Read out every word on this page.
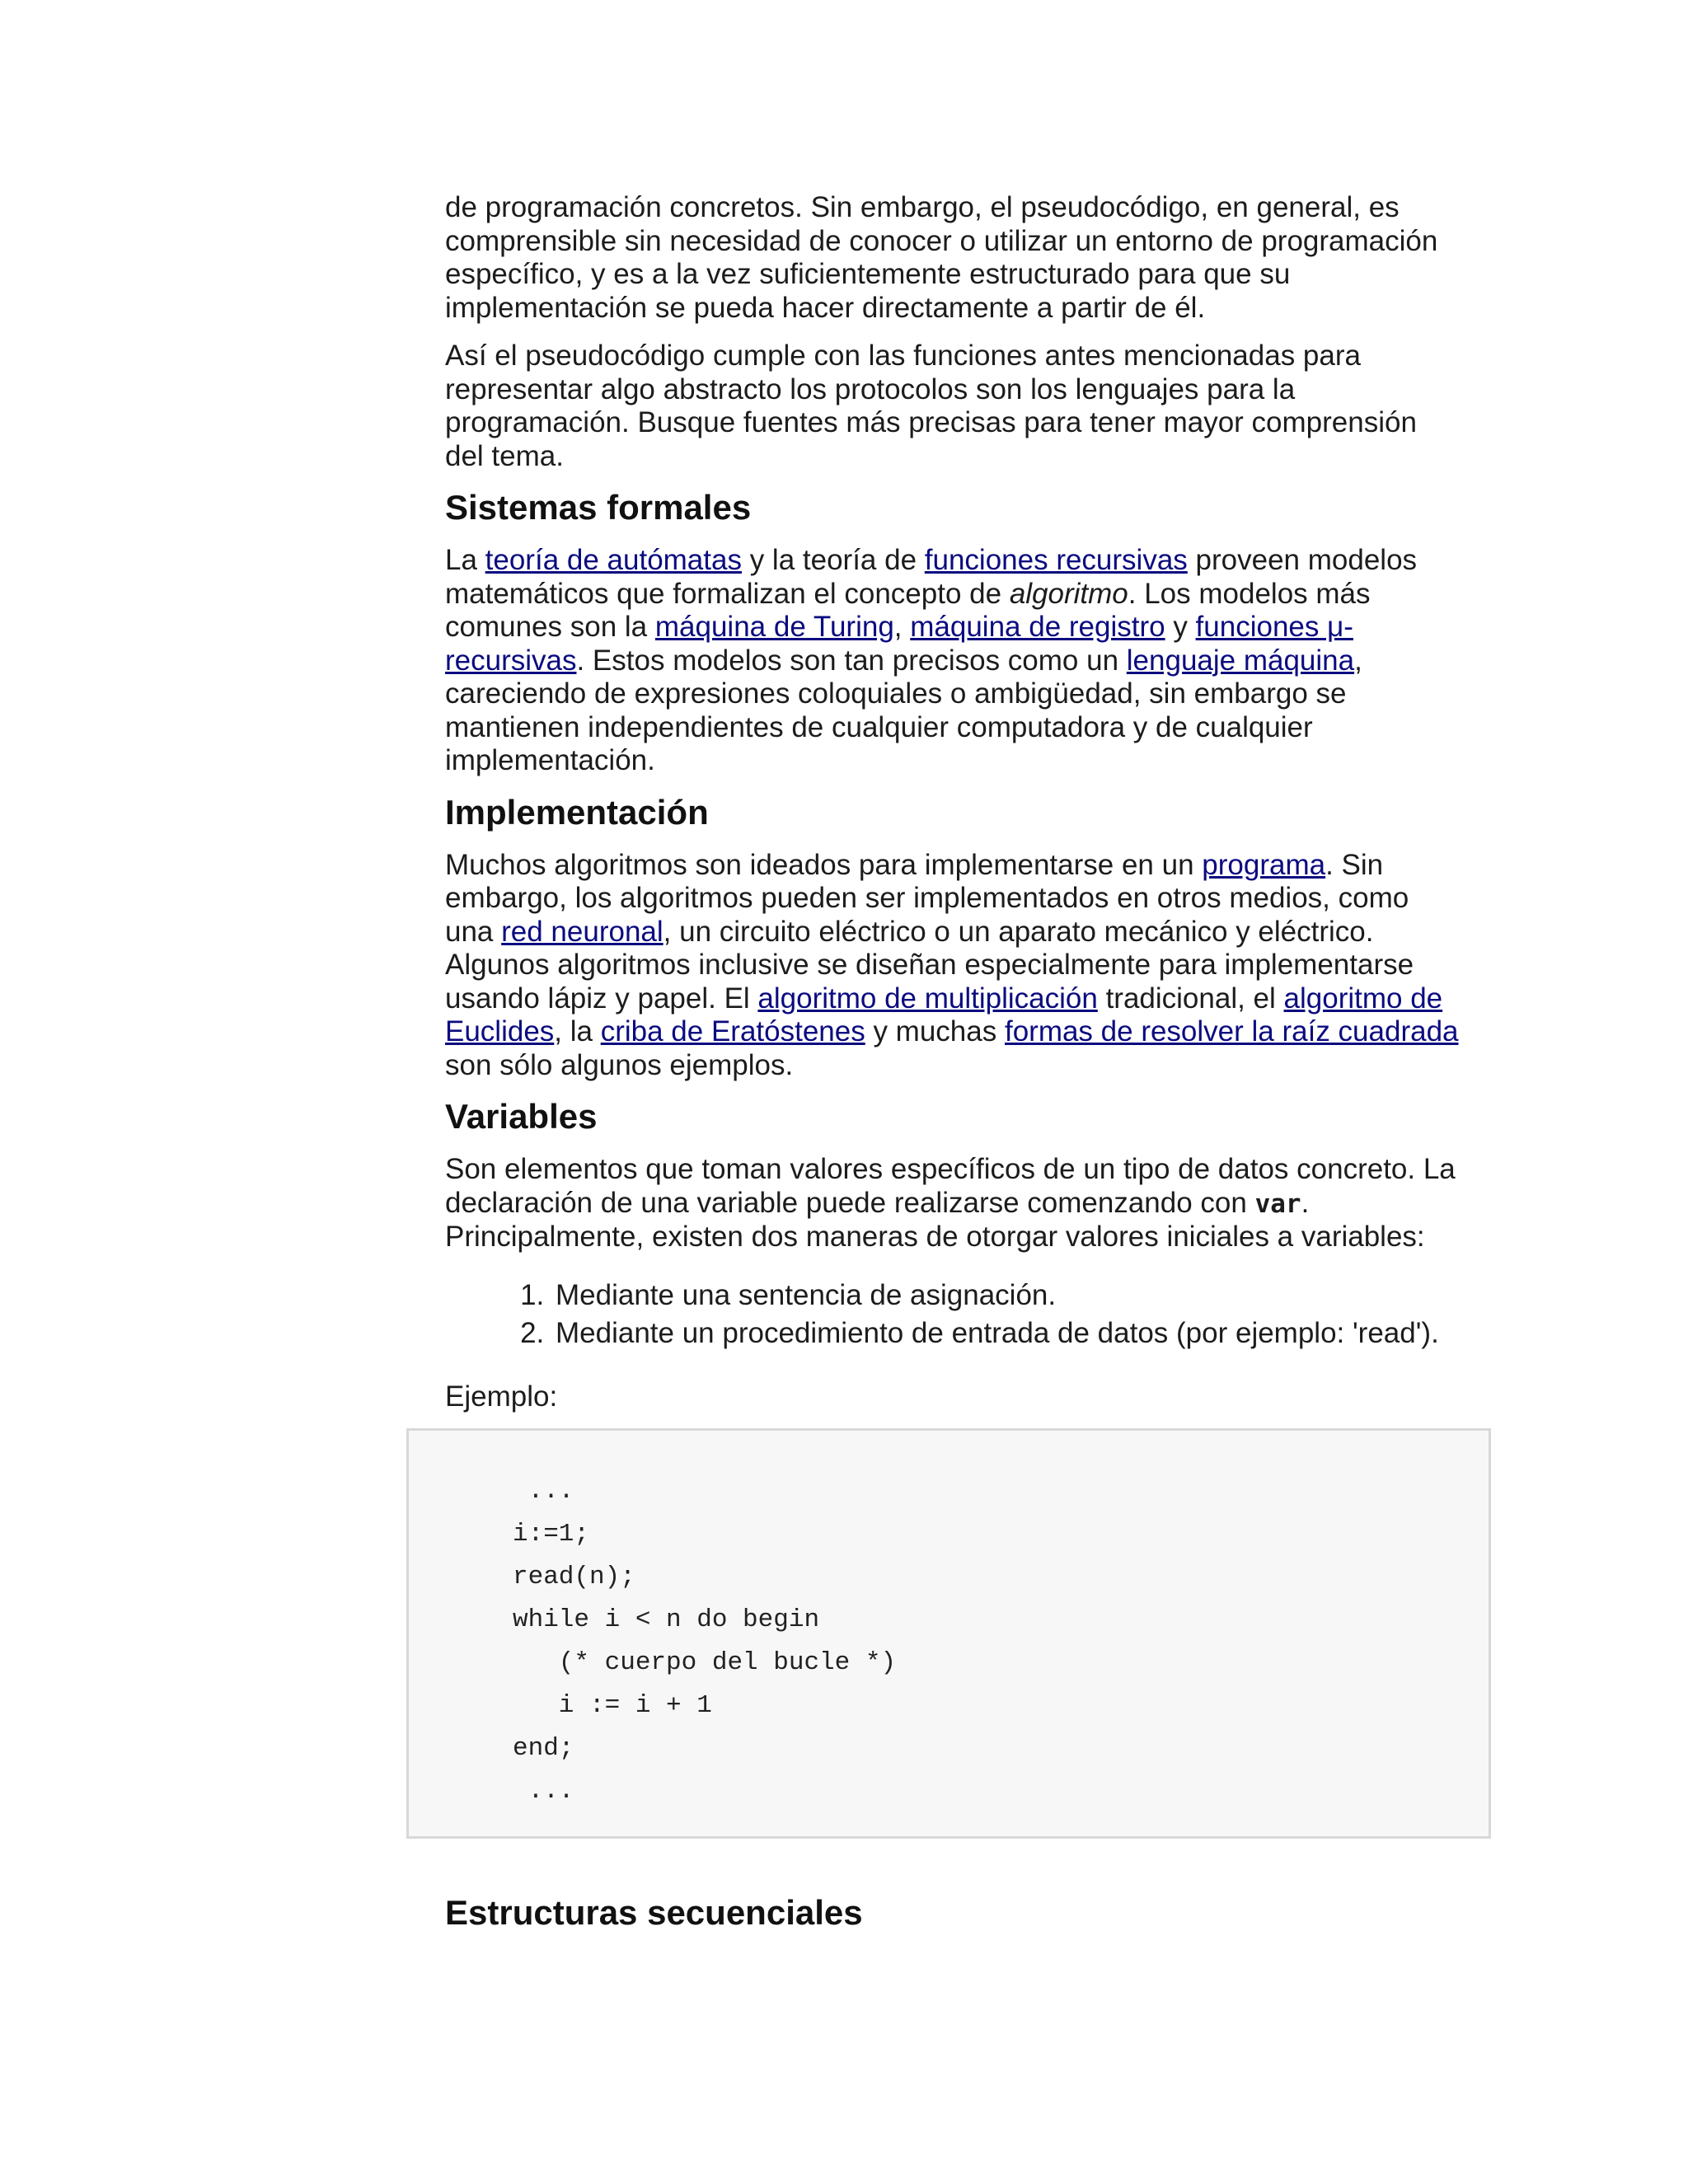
de programación concretos. Sin embargo, el pseudocódigo, en general, es comprensible sin necesidad de conocer o utilizar un entorno de programación específico, y es a la vez suficientemente estructurado para que su implementación se pueda hacer directamente a partir de él.

Así el pseudocódigo cumple con las funciones antes mencionadas para representar algo abstracto los protocolos son los lenguajes para la programación. Busque fuentes más precisas para tener mayor comprensión del tema.

Sistemas formales

La teoría de autómatas y la teoría de funciones recursivas proveen modelos matemáticos que formalizan el concepto de algoritmo. Los modelos más comunes son la máquina de Turing, máquina de registro y funciones μ-recursivas. Estos modelos son tan precisos como un lenguaje máquina, careciendo de expresiones coloquiales o ambigüedad, sin embargo se mantienen independientes de cualquier computadora y de cualquier implementación.

Implementación

Muchos algoritmos son ideados para implementarse en un programa. Sin embargo, los algoritmos pueden ser implementados en otros medios, como una red neuronal, un circuito eléctrico o un aparato mecánico y eléctrico. Algunos algoritmos inclusive se diseñan especialmente para implementarse usando lápiz y papel. El algoritmo de multiplicación tradicional, el algoritmo de Euclides, la criba de Eratóstenes y muchas formas de resolver la raíz cuadrada son sólo algunos ejemplos.

Variables

Son elementos que toman valores específicos de un tipo de datos concreto. La declaración de una variable puede realizarse comenzando con var. Principalmente, existen dos maneras de otorgar valores iniciales a variables:

1. Mediante una sentencia de asignación.
2. Mediante un procedimiento de entrada de datos (por ejemplo: 'read').

Ejemplo:

...
i:=1;
read(n);
while i < n do begin
(* cuerpo del bucle *)
i := i + 1
end;
...
Estructuras secuenciales
